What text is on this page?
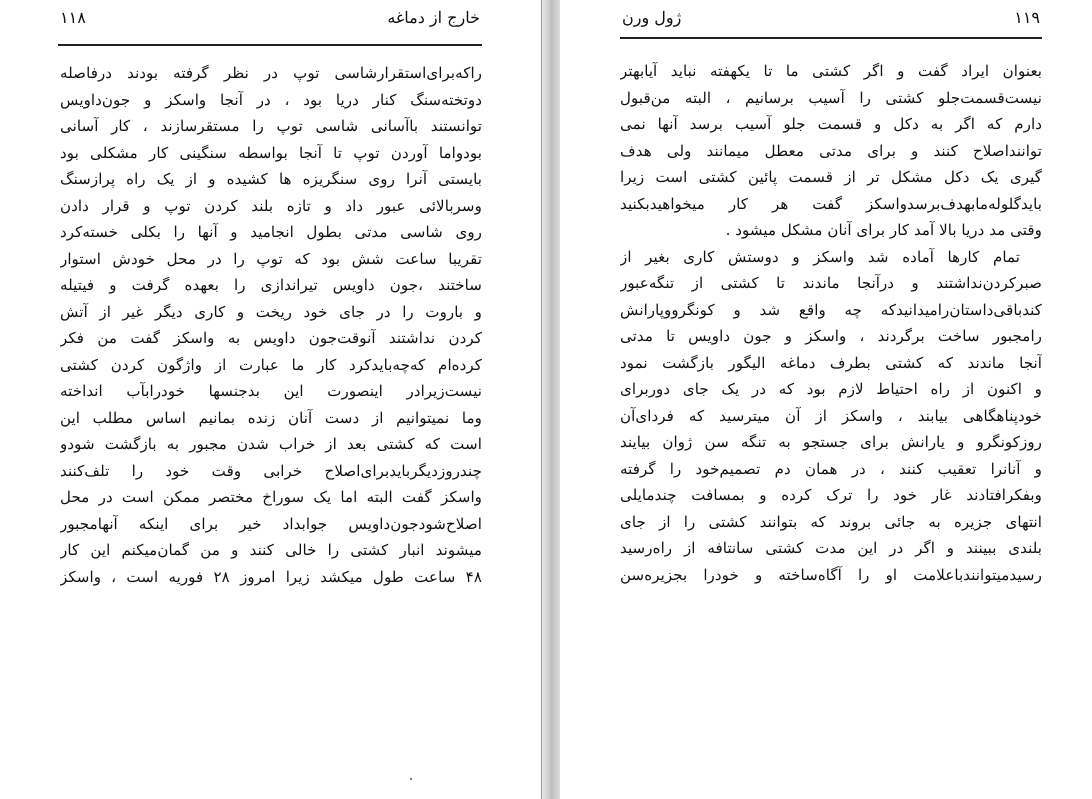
۱۱۸	خارج از دماغه
راکه‌برای‌استقرارشاسی توپ در نظر گرفته بودند درفاصله
دوتخته‌سنگ کنار دریا بود ، در آنجا واسکز و جون‌داویس
توانستند باآسانی شاسی توپ را مستقرسازند ، کار آسانی
بودواما آوردن توپ تا آنجا بواسطه سنگینی کار مشکلی بود
بایستی آنرا روی سنگریزه ها کشیده و از یک راه پرازسنگ
وسربالائی عبور داد و تازه بلند کردن توپ و قرار دادن
روی شاسی مدتی بطول انجامید و آنها را بکلی خسته‌کرد
تقریبا ساعت شش بود که توپ را در محل خودش استوار
ساختند ،جون داویس تیراندازی را بعهده گرفت و فیتیله
و باروت را در جای خود ریخت و کاری دیگر غیر از آتش
کردن نداشتند آنوقت‌جون داویس به واسکز گفت من فکر
کرده‌ام که‌چه‌بایدکرد کار ما عبارت از واژگون کردن کشتی
نیست‌زیرادر اینصورت این بدجنسها خودرابآب انداخته
وما نمیتوانیم از دست آنان زنده بمانیم اساس مطلب این
است که کشتی بعد از خراب شدن مجبور به بازگشت شودو
چندروزدیگربایدبرای‌اصلاح خرابی وقت خود را تلف‌کنند
واسکز گفت البته اما یک سوراخ مختصر ممکن است در محل
اصلاح‌شودجون‌داویس جوابداد خیر برای اینکه آنهامجبور
میشوند انبار کشتی را خالی کنند و من گمان‌میکنم این کار
۴۸ ساعت طول میکشد زیرا امروز ۲۸ فوریه است ، واسکز
۱۱۹
ژول ورن
بعنوان ایراد گفت و اگر کشتی ما تا یکهفته نباید آیابهتر
نیست‌قسمت‌جلو کشتی را آسیب برسانیم ، البته من‌قبول
دارم که اگر به دکل و قسمت جلو آسیب برسد آنها نمی
توانند‌اصلاح کنند و برای مدتی معطل میمانند ولی هدف
گیری یک دکل مشکل تر از قسمت پائین کشتی است زیرا
بایدگلوله‌مابهدف‌برسدواسکز گفت هر کار میخواهیدبکنید
وقتی مد دریا بالا آمد کار برای آنان مشکل میشود .
تمام کارها آماده شد واسکز و دوستش کاری بغیر از
صبرکردن‌نداشتند و درآنجا ماندند تا کشتی از تنگه‌عبور
کندباقی‌داستان‌رامیدانیدکه چه واقع شد و کونگرووپارانش
رامجبور ساخت برگردند ، واسکز و جون داویس تا مدتی
آنجا ماندند که کشتی بطرف دماغه الیگور بازگشت نمود
و اکنون از راه احتیاط لازم بود که در یک جای دوربرای
خودپناهگاهی بیابند ، واسکز از آن میترسید که فردای‌آن
روزکونگرو و یارانش برای جستجو به تنگه سن ژوان بیایند
و آنانرا تعقیب کنند ، در همان دم تصمیم‌خود را گرفته
وبفکرافتادند غار خود را ترک کرده و بمسافت چندمایلی
انتهای جزیره به جائی بروند که بتوانند کشتی را از جای
بلندی ببینند و اگر در این مدت کشتی سانتافه از راه‌رسید
رسیدمیتوانندباعلامت او را آگاه‌ساخته و خودرا بجزیره‌سن
